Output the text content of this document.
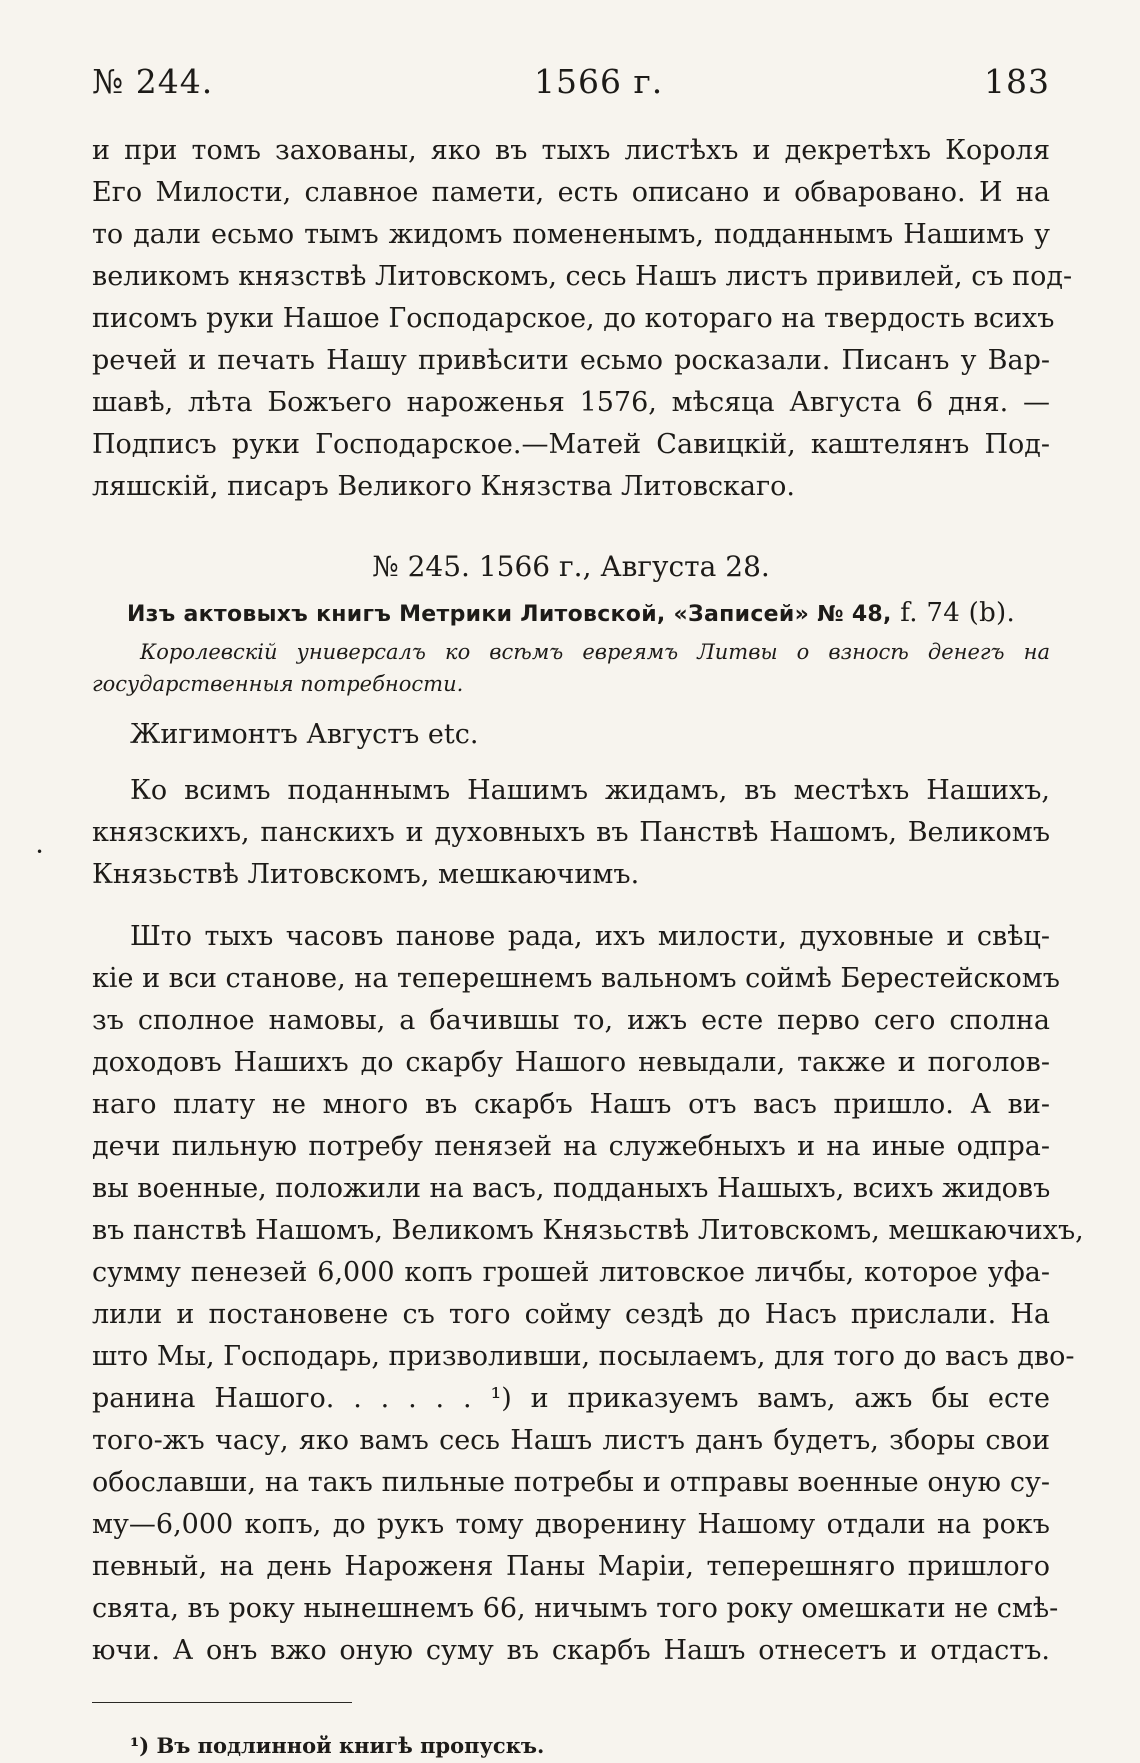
№ 244.	1566 г.	183
и при томъ захованы, яко въ тыхъ листѣхъ и декретѣхъ Короля
Его Милости, славное памети, есть описано и обваровано. И на
то дали есьмо тымъ жидомъ помененымъ, подданнымъ Нашимъ у
великомъ князствѣ Литовскомъ, сесь Нашъ листъ привилей, съ под-
писомъ руки Нашое Господарское, до котораго на твердость всихъ
речей и печать Нашу привѣсити есьмо росказали. Писанъ у Вар-
шавѣ, лѣта Божъего нароженья 1576, мѣсяца Августа 6 дня. —
Подписъ руки Господарское.—Матей Савицкій, каштелянъ Под-
ляшскій, писаръ Великого Князства Литовскаго.
№ 245. 1566 г., Августа 28.
Изъ актовыхъ книгъ Метрики Литовской, «Записей» № 48, f. 74 (b).
Королевскій универсалъ ко всѣмъ евреямъ Литвы о взносѣ денегъ на
государственныя потребности.
Жигимонтъ Августъ etc.
Ко всимъ поданнымъ Нашимъ жидамъ, въ местѣхъ Нашихъ,
князскихъ, панскихъ и духовныхъ въ Панствѣ Нашомъ, Великомъ
Князьствѣ Литовскомъ, мешкаючимъ.
Што тыхъ часовъ панове рада, ихъ милости, духовные и свѣц-
кіе и вси станове, на теперешнемъ вальномъ соймѣ Берестейскомъ
зъ сполное намовы, а бачившы то, ижъ есте перво сего сполна
доходовъ Нашихъ до скарбу Нашого невыдали, также и поголов-
наго плату не много въ скарбъ Нашъ отъ васъ пришло. А ви-
дечи пильную потребу пенязей на служебныхъ и на иные одпра-
вы военные, положили на васъ, подданыхъ Нашыхъ, всихъ жидовъ
въ панствѣ Нашомъ, Великомъ Князьствѣ Литовскомъ, мешкаючихъ,
сумму пенезей 6,000 копъ грошей литовское личбы, которое уфа-
лили и постановене съ того сойму сездѣ до Насъ прислали. На
што Мы, Господарь, призволивши, посылаемъ, для того до васъ дво-
ранина Нашого. . . . . . ¹) и приказуемъ вамъ, ажъ бы есте
того-жъ часу, яко вамъ сесь Нашъ листъ данъ будетъ, зборы свои
обославши, на такъ пильные потребы и отправы военные оную су-
му—6,000 копъ, до рукъ тому дворенину Нашому отдали на рокъ
певный, на день Нароженя Паны Маріи, теперешняго пришлого
свята, въ року нынешнемъ 66, ничымъ того року омешкати не смѣ-
ючи. А онъ вжо оную суму въ скарбъ Нашъ отнесетъ и отдастъ.
¹) Въ подлинной книгѣ пропускъ.
•
